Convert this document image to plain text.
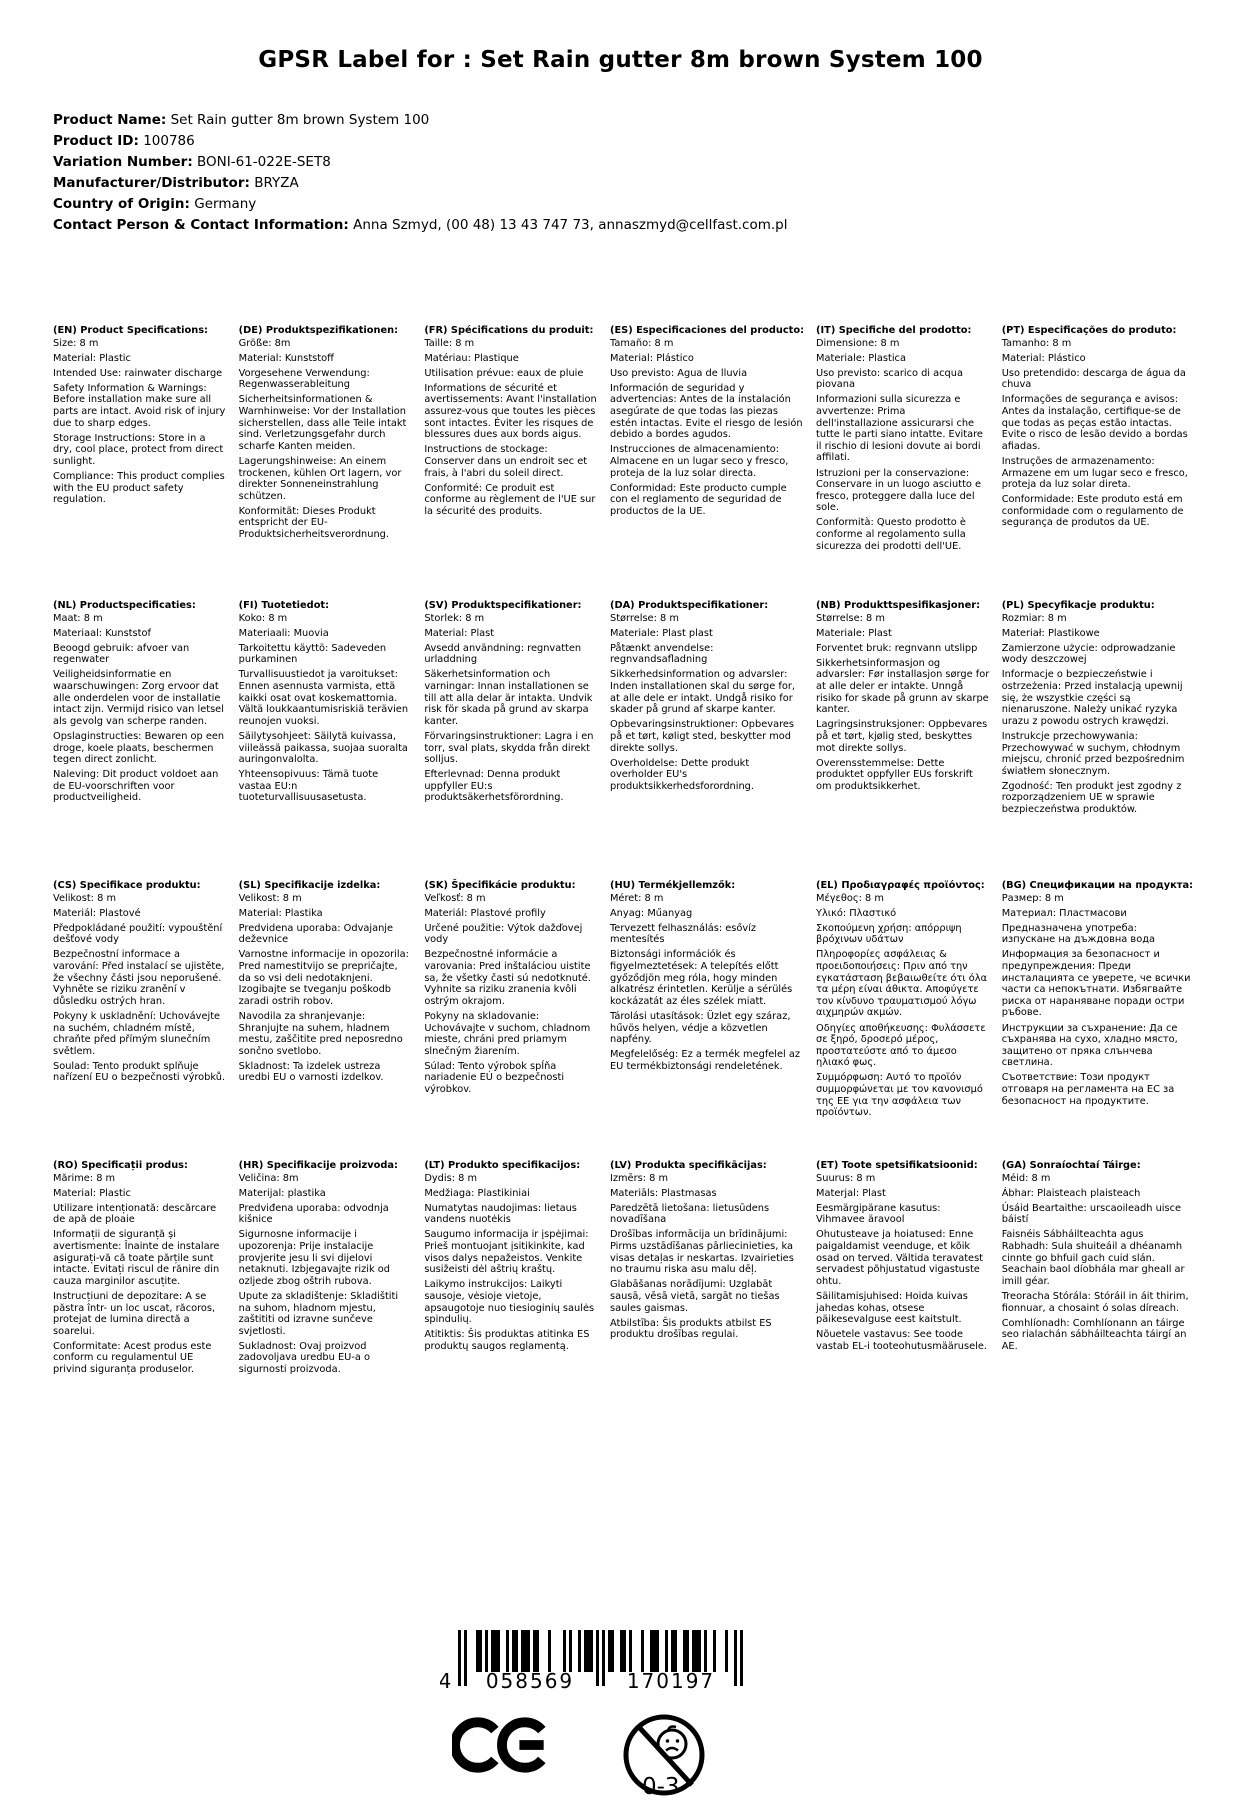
GPSR Label for : Set Rain gutter 8m brown System 100
Product Name: Set Rain gutter 8m brown System 100
Product ID: 100786
Variation Number: BONI-61-022E-SET8
Manufacturer/Distributor: BRYZA
Country of Origin: Germany
Contact Person & Contact Information: Anna Szmyd, (00 48) 13 43 747 73, annaszmyd@cellfast.com.pl
(EN) Product Specifications:

Size: 8 m

Material: Plastic

Intended Use: rainwater discharge

Safety Information & Warnings: Before installation make sure all parts are intact. Avoid risk of injury due to sharp edges.

Storage Instructions: Store in a dry, cool place, protect from direct sunlight.

Compliance: This product complies with the EU product safety regulation.

(DE) Produktspezifikationen:

Größe: 8m

Material: Kunststoff

Vorgesehene Verwendung: Regenwasserableitung

Sicherheitsinformationen & Warnhinweise: Vor der Installation sicherstellen, dass alle Teile intakt sind. Verletzungsgefahr durch scharfe Kanten meiden.

Lagerungshinweise: An einem trockenen, kühlen Ort lagern, vor direkter Sonneneinstrahlung schützen.

Konformität: Dieses Produkt entspricht der EU-Produktsicherheitsverordnung.

(FR) Spécifications du produit:

Taille: 8 m

Matériau: Plastique

Utilisation prévue: eaux de pluie

Informations de sécurité et avertissements: Avant l'installation assurez-vous que toutes les pièces sont intactes. Éviter les risques de blessures dues aux bords aigus.

Instructions de stockage: Conserver dans un endroit sec et frais, à l'abri du soleil direct.

Conformité: Ce produit est conforme au règlement de l'UE sur la sécurité des produits.

(ES) Especificaciones del producto:

Tamaño: 8 m

Material: Plástico

Uso previsto: Agua de lluvia

Información de seguridad y advertencias: Antes de la instalación asegúrate de que todas las piezas estén intactas. Evite el riesgo de lesión debido a bordes agudos.

Instrucciones de almacenamiento: Almacene en un lugar seco y fresco, proteja de la luz solar directa.

Conformidad: Este producto cumple con el reglamento de seguridad de productos de la UE.

(IT) Specifiche del prodotto:

Dimensione: 8 m

Materiale: Plastica

Uso previsto: scarico di acqua piovana

Informazioni sulla sicurezza e avvertenze: Prima dell'installazione assicurarsi che tutte le parti siano intatte. Evitare il rischio di lesioni dovute ai bordi affilati.

Istruzioni per la conservazione: Conservare in un luogo asciutto e fresco, proteggere dalla luce del sole.

Conformità: Questo prodotto è conforme al regolamento sulla sicurezza dei prodotti dell'UE.

(PT) Especificações do produto:

Tamanho: 8 m

Material: Plástico

Uso pretendido: descarga de água da chuva

Informações de segurança e avisos: Antes da instalação, certifique-se de que todas as peças estão intactas. Evite o risco de lesão devido a bordas afiadas.

Instruções de armazenamento: Armazene em um lugar seco e fresco, proteja da luz solar direta.

Conformidade: Este produto está em conformidade com o regulamento de segurança de produtos da UE.

(NL) Productspecificaties:

Maat: 8 m

Materiaal: Kunststof

Beoogd gebruik: afvoer van regenwater

Veiligheidsinformatie en waarschuwingen: Zorg ervoor dat alle onderdelen voor de installatie intact zijn. Vermijd risico van letsel als gevolg van scherpe randen.

Opslaginstructies: Bewaren op een droge, koele plaats, beschermen tegen direct zonlicht.

Naleving: Dit product voldoet aan de EU-voorschriften voor productveiligheid.

(FI) Tuotetiedot:

Koko: 8 m

Materiaali: Muovia

Tarkoitettu käyttö: Sadeveden purkaminen

Turvallisuustiedot ja varoitukset: Ennen asennusta varmista, että kaikki osat ovat koskemattomia. Vältä loukkaantumisriskiä terävien reunojen vuoksi.

Säilytysohjeet: Säilytä kuivassa, viileässä paikassa, suojaa suoralta auringonvalolta.

Yhteensopivuus: Tämä tuote vastaa EU:n tuoteturvallisuusasetusta.

(SV) Produktspecifikationer:

Storlek: 8 m

Material: Plast

Avsedd användning: regnvatten urladdning

Säkerhetsinformation och varningar: Innan installationen se till att alla delar är intakta. Undvik risk för skada på grund av skarpa kanter.

Förvaringsinstruktioner: Lagra i en torr, sval plats, skydda från direkt solljus.

Efterlevnad: Denna produkt uppfyller EU:s produktsäkerhetsförordning.

(DA) Produktspecifikationer:

Størrelse: 8 m

Materiale: Plast plast

Påtænkt anvendelse: regnvandsafladning

Sikkerhedsinformation og advarsler: Inden installationen skal du sørge for, at alle dele er intakt. Undgå risiko for skader på grund af skarpe kanter.

Opbevaringsinstruktioner: Opbevares på et tørt, køligt sted, beskytter mod direkte sollys.

Overholdelse: Dette produkt overholder EU's produktsikkerhedsforordning.

(NB) Produkttspesifikasjoner:

Størrelse: 8 m

Materiale: Plast

Forventet bruk: regnvann utslipp

Sikkerhetsinformasjon og advarsler: Før installasjon sørge for at alle deler er intakte. Unngå risiko for skade på grunn av skarpe kanter.

Lagringsinstruksjoner: Oppbevares på et tørt, kjølig sted, beskyttes mot direkte sollys.

Overensstemmelse: Dette produktet oppfyller EUs forskrift om produktsikkerhet.

(PL) Specyfikacje produktu:

Rozmiar: 8 m

Materiał: Plastikowe

Zamierzone użycie: odprowadzanie wody deszczowej

Informacje o bezpieczeństwie i ostrzeżenia: Przed instalacją upewnij się, że wszystkie części są nienaruszone. Należy unikać ryzyka urazu z powodu ostrych krawędzi.

Instrukcje przechowywania: Przechowywać w suchym, chłodnym miejscu, chronić przed bezpośrednim światłem słonecznym.

Zgodność: Ten produkt jest zgodny z rozporządzeniem UE w sprawie bezpieczeństwa produktów.

(CS) Specifikace produktu:

Velikost: 8 m

Materiál: Plastové

Předpokládané použití: vypouštění dešťové vody

Bezpečnostní informace a varování: Před instalací se ujistěte, že všechny části jsou neporušené. Vyhněte se riziku zranění v důsledku ostrých hran.

Pokyny k uskladnění: Uchovávejte na suchém, chladném místě, chraňte před přímým slunečním světlem.

Soulad: Tento produkt splňuje nařízení EU o bezpečnosti výrobků.

(SL) Specifikacije izdelka:

Velikost: 8 m

Material: Plastika

Predvidena uporaba: Odvajanje deževnice

Varnostne informacije in opozorila: Pred namestitvijo se prepričajte, da so vsi deli nedotaknjeni. Izogibajte se tveganju poškodb zaradi ostrih robov.

Navodila za shranjevanje: Shranjujte na suhem, hladnem mestu, zaščitite pred neposredno sončno svetlobo.

Skladnost: Ta izdelek ustreza uredbi EU o varnosti izdelkov.

(SK) Špecifikácie produktu:

Veľkosť: 8 m

Materiál: Plastové profily

Určené použitie: Výtok dažďovej vody

Bezpečnostné informácie a varovania: Pred inštaláciou uistite sa, že všetky časti sú nedotknuté. Vyhnite sa riziku zranenia kvôli ostrým okrajom.

Pokyny na skladovanie: Uchovávajte v suchom, chladnom mieste, chráni pred priamym slnečným žiarením.

Súlad: Tento výrobok spĺňa nariadenie EÚ o bezpečnosti výrobkov.

(HU) Termékjellemzők:

Méret: 8 m

Anyag: Műanyag

Tervezett felhasználás: esővíz mentesítés

Biztonsági információk és figyelmeztetések: A telepítés előtt győződjön meg róla, hogy minden alkatrész érintetlen. Kerülje a sérülés kockázatát az éles szélek miatt.

Tárolási utasítások: Üzlet egy száraz, hűvös helyen, védje a közvetlen napfény.

Megfelelőség: Ez a termék megfelel az EU termékbiztonsági rendeletének.

(EL) Προδιαγραφές προϊόντος:

Μέγεθος: 8 m

Υλικό: Πλαστικό

Σκοπούμενη χρήση: απόρριψη βρόχινων υδάτων

Πληροφορίες ασφάλειας & προειδοποιήσεις: Πριν από την εγκατάσταση βεβαιωθείτε ότι όλα τα μέρη είναι άθικτα. Αποφύγετε τον κίνδυνο τραυματισμού λόγω αιχμηρών ακμών.

Οδηγίες αποθήκευσης: Φυλάσσετε σε ξηρό, δροσερό μέρος, προστατεύστε από το άμεσο ηλιακό φως.

Συμμόρφωση: Αυτό το προϊόν συμμορφώνεται με τον κανονισμό της ΕΕ για την ασφάλεια των προϊόντων.

(BG) Спецификации на продукта:

Размер: 8 m

Материал: Пластмасови

Предназначена употреба: изпускане на дъждовна вода

Информация за безопасност и предупреждения: Преди инсталацията се уверете, че всички части са непокътнати. Избягвайте риска от нараняване поради остри ръбове.

Инструкции за съхранение: Да се съхранява на сухо, хладно място, защитено от пряка слънчева светлина.

Съответствие: Този продукт отговаря на регламента на ЕС за безопасност на продуктите.

(RO) Specificații produs:

Mărime: 8 m

Material: Plastic

Utilizare intenționată: descărcare de apă de ploaie

Informații de siguranță și avertismente: Înainte de instalare asigurați-vă că toate părțile sunt intacte. Evitați riscul de rănire din cauza marginilor ascuțite.

Instrucțiuni de depozitare: A se păstra într- un loc uscat, răcoros, protejat de lumina directă a soarelui.

Conformitate: Acest produs este conform cu regulamentul UE privind siguranța produselor.

(HR) Specifikacije proizvoda:

Veličina: 8m

Materijal: plastika

Predviđena uporaba: odvodnja kišnice

Sigurnosne informacije i upozorenja: Prije instalacije provjerite jesu li svi dijelovi netaknuti. Izbjegavajte rizik od ozljede zbog oštrih rubova.

Upute za skladištenje: Skladištiti na suhom, hladnom mjestu, zaštititi od izravne sunčeve svjetlosti.

Sukladnost: Ovaj proizvod zadovoljava uredbu EU-a o sigurnosti proizvoda.

(LT) Produkto specifikacijos:

Dydis: 8 m

Medžiaga: Plastikiniai

Numatytas naudojimas: lietaus vandens nuotėkis

Saugumo informacija ir įspėjimai: Prieš montuojant įsitikinkite, kad visos dalys nepažeistos. Venkite susižeisti dėl aštrių kraštų.

Laikymo instrukcijos: Laikyti sausoje, vėsioje vietoje, apsaugotoje nuo tiesioginių saulės spindulių.

Atitiktis: Šis produktas atitinka ES produktų saugos reglamentą.

(LV) Produkta specifikācijas:

Izmērs: 8 m

Materiāls: Plastmasas

Paredzētā lietošana: lietusūdens novadīšana

Drošības informācija un brīdinājumi: Pirms uzstādīšanas pārliecinieties, ka visas detaļas ir neskartas. Izvairieties no traumu riska asu malu dēļ.

Glabāšanas norādījumi: Uzglabāt sausā, vēsā vietā, sargāt no tiešas saules gaismas.

Atbilstība: Šis produkts atbilst ES produktu drošības regulai.

(ET) Toote spetsifikatsioonid:

Suurus: 8 m

Materjal: Plast

Eesmärgipärane kasutus: Vihmavee äravool

Ohutusteave ja hoiatused: Enne paigaldamist veenduge, et kõik osad on terved. Vältida teravatest servadest põhjustatud vigastuste ohtu.

Säilitamisjuhised: Hoida kuivas jahedas kohas, otsese päikesevalguse eest kaitstult.

Nõuetele vastavus: See toode vastab EL-i tooteohutusmäärusele.

(GA) Sonraíochtaí Táirge:

Méid: 8 m

Ábhar: Plaisteach plaisteach

Úsáid Beartaithe: urscaoileadh uisce báistí

Faisnéis Sábháilteachta agus Rabhadh: Sula shuiteáil a dhéanamh cinnte go bhfuil gach cuid slán. Seachain baol díobhála mar gheall ar imill géar.

Treoracha Stórála: Stóráil in áit thirim, fionnuar, a chosaint ó solas díreach.

Comhlíonadh: Comhlíonann an táirge seo rialachán sábháilteachta táirgí an AE.

4 058569	170197
0-3
